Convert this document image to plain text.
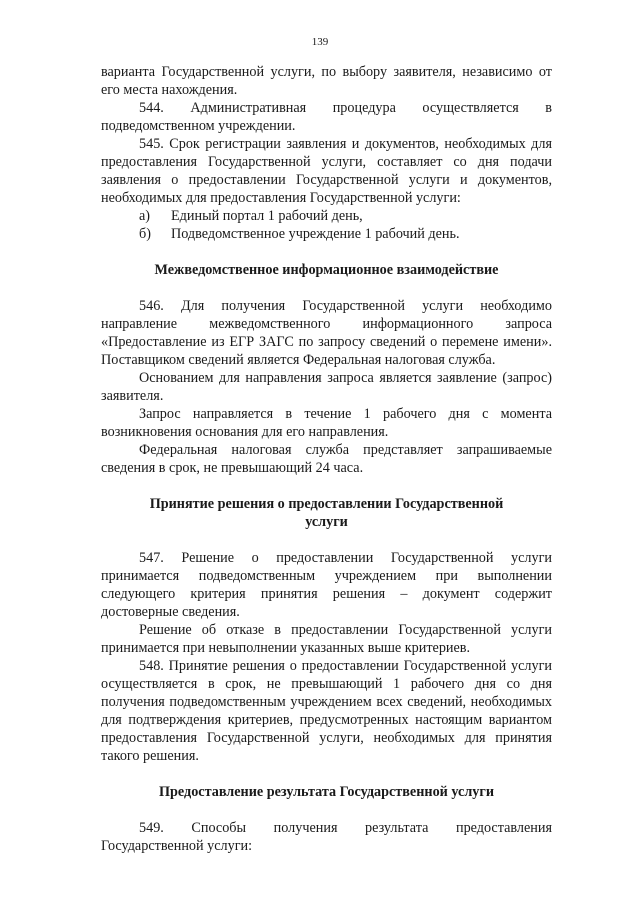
139

варианта Государственной услуги, по выбору заявителя, независимо от его места нахождения.

544. Административная процедура осуществляется в подведомственном учреждении.

545. Срок регистрации заявления и документов, необходимых для предоставления Государственной услуги, составляет со дня подачи заявления о предоставлении Государственной услуги и документов, необходимых для предоставления Государственной услуги:

а)	Единый портал 1 рабочий день,
б)	Подведомственное учреждение 1 рабочий день.

Межведомственное информационное взаимодействие

546. Для получения Государственной услуги необходимо направление межведомственного информационного запроса «Предоставление из ЕГР ЗАГС по запросу сведений о перемене имени». Поставщиком сведений является Федеральная налоговая служба.

Основанием для направления запроса является заявление (запрос) заявителя.

Запрос направляется в течение 1 рабочего дня с момента возникновения основания для его направления.

Федеральная налоговая служба представляет запрашиваемые сведения в срок, не превышающий 24 часа.

Принятие решения о предоставлении Государственной услуги

547. Решение о предоставлении Государственной услуги принимается подведомственным учреждением при выполнении следующего критерия принятия решения – документ содержит достоверные сведения.

Решение об отказе в предоставлении Государственной услуги принимается при невыполнении указанных выше критериев.

548. Принятие решения о предоставлении Государственной услуги осуществляется в срок, не превышающий 1 рабочего дня со дня получения подведомственным учреждением всех сведений, необходимых для подтверждения критериев, предусмотренных настоящим вариантом предоставления Государственной услуги, необходимых для принятия такого решения.

Предоставление результата Государственной услуги

549. Способы получения результата предоставления Государственной услуги:
